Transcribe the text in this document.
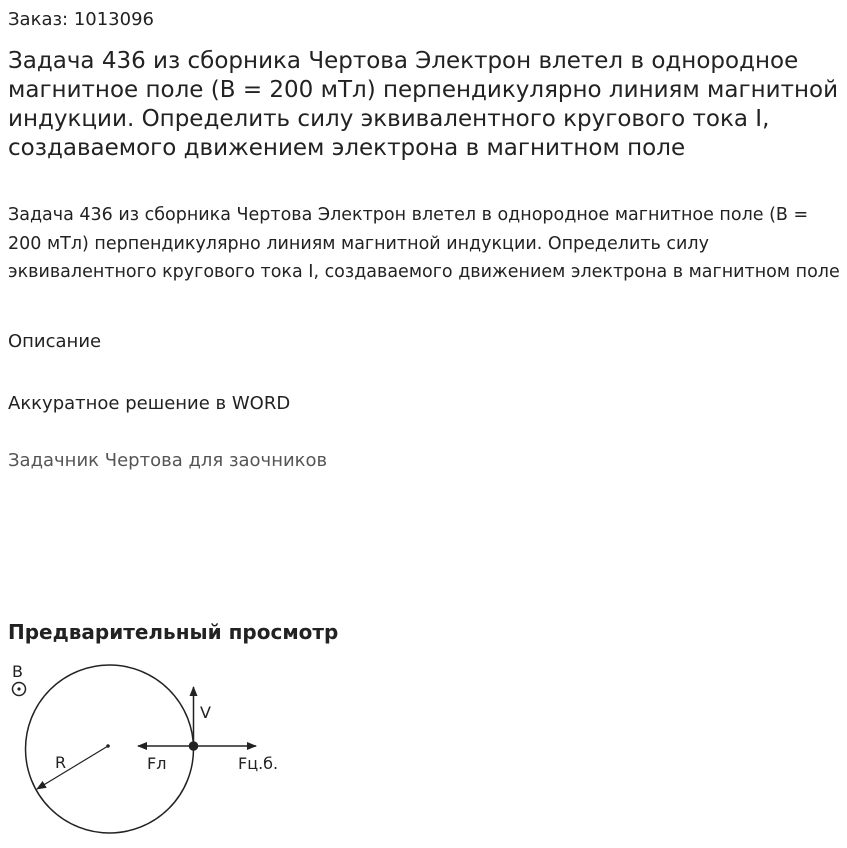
Заказ: 1013096
Задача 436 из сборника Чертова Электрон влетел в однородное магнитное поле (B = 200 мТл) перпендикулярно линиям магнитной индукции. Определить силу эквивалентного кругового тока I, создаваемого движением электрона в магнитном поле

Задача 436 из сборника Чертова Электрон влетел в однородное магнитное поле (B = 200 мТл) перпендикулярно линиям магнитной индукции. Определить силу эквивалентного кругового тока I, создаваемого движением электрона в магнитном поле

Описание
Аккуратное решение в WORD
Задачник Чертова для заочников
Предварительный просмотр
B
R
V
Fл	Fц.б.
